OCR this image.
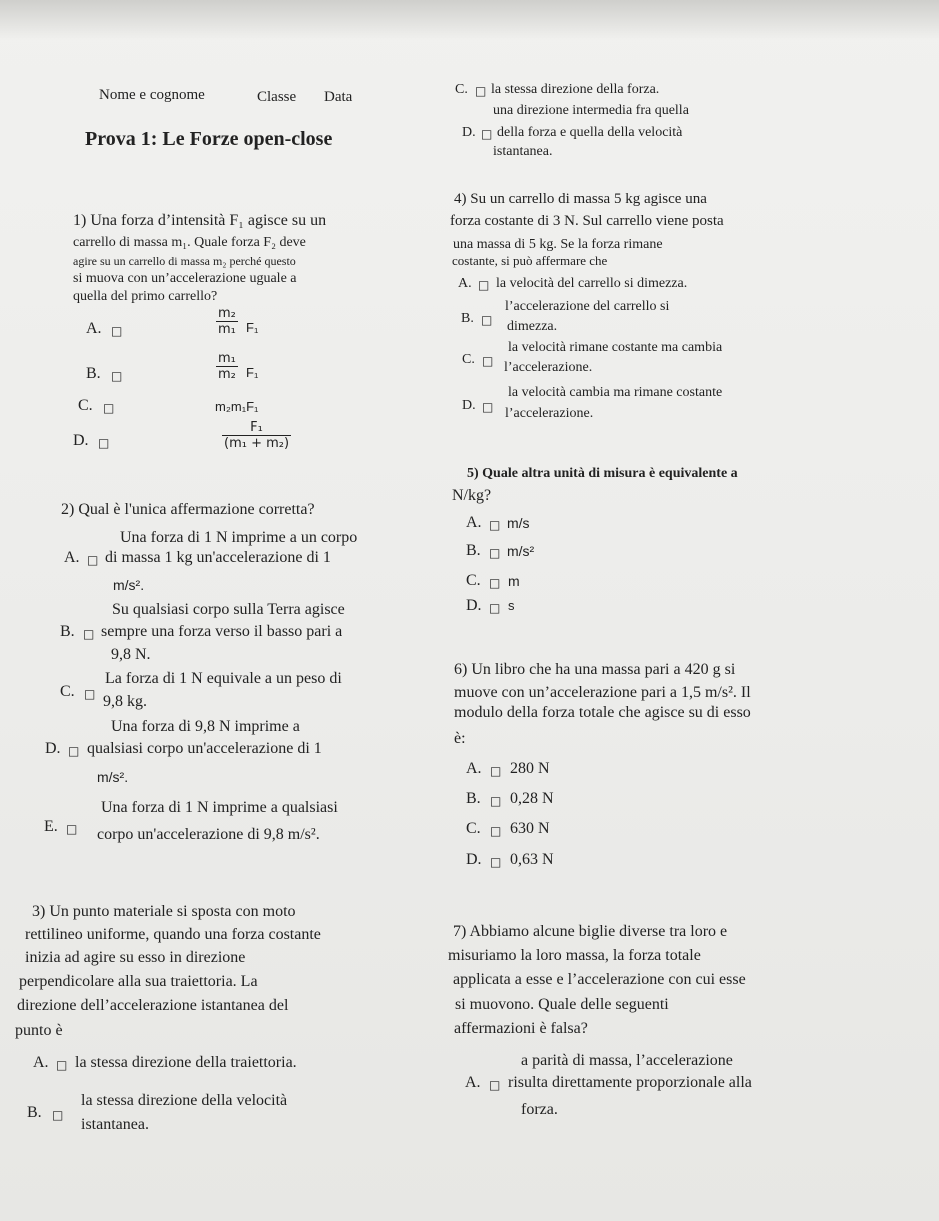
Nome e cognome	Classe Data
Prova 1: Le Forze open-close
1) Una forza d’intensità F₁ agisce su un
carrello di massa m₁. Quale forza F₂ deve
agire su un carrello di massa m₂ perché questo
si muova con un’accelerazione uguale a
quella del primo carrello?
A. □	$\frac{\text{m₂}}{\text{m₁}} F_1$
B. □	$\frac{\text{m₁}}{\text{m₂}} F_1$
C. □	m₂m₁F₁
D. □	$\frac{\text{F₁}}{\text{(m₁ + m₂)}}$
2) Qual è l'unica affermazione corretta?
Una forza di 1 N imprime a un corpo
A. □ di massa 1 kg un'accelerazione di 1
m/s².
Su qualsiasi corpo sulla Terra agisce
B. □ sempre una forza verso il basso pari a
9,8 N.
La forza di 1 N equivale a un peso di
C. □ 9,8 kg.
Una forza di 9,8 N imprime a
D. □ qualsiasi corpo un'accelerazione di 1
m/s².
Una forza di 1 N imprime a qualsiasi
E. □ corpo un'accelerazione di 9,8 m/s².
3) Un punto materiale si sposta con moto
rettilineo uniforme, quando una forza costante
inizia ad agire su esso in direzione
perpendicolare alla sua traiettoria. La
direzione dell’accelerazione istantanea del
punto è
A. □ la stessa direzione della traiettoria.
la stessa direzione della velocità
B. □
istantanea.
C. □ la stessa direzione della forza.
una direzione intermedia fra quella
D. □ della forza e quella della velocità
istantanea.
4) Su un carrello di massa 5 kg agisce una
forza costante di 3 N. Sul carrello viene posta
una massa di 5 kg. Se la forza rimane
costante, si può affermare che
A. □ la velocità del carrello si dimezza.
l’accelerazione del carrello si
B. □ dimezza.
la velocità rimane costante ma cambia
C. □ l’accelerazione.
la velocità cambia ma rimane costante
D. □ l’accelerazione.
5) Quale altra unità di misura è equivalente a
N/kg?
A. □ m/s
B. □ m/s²
C. □ m
D. □ s
6) Un libro che ha una massa pari a 420 g si
muove con un’accelerazione pari a 1,5 m/s². Il
modulo della forza totale che agisce su di esso
è:
A. □ 280 N
B. □ 0,28 N
C. □ 630 N
D. □ 0,63 N
7) Abbiamo alcune biglie diverse tra loro e
misuriamo la loro massa, la forza totale
applicata a esse e l’accelerazione con cui esse
si muovono. Quale delle seguenti
affermazioni è falsa?
a parità di massa, l’accelerazione
A. □ risulta direttamente proporzionale alla
forza.
